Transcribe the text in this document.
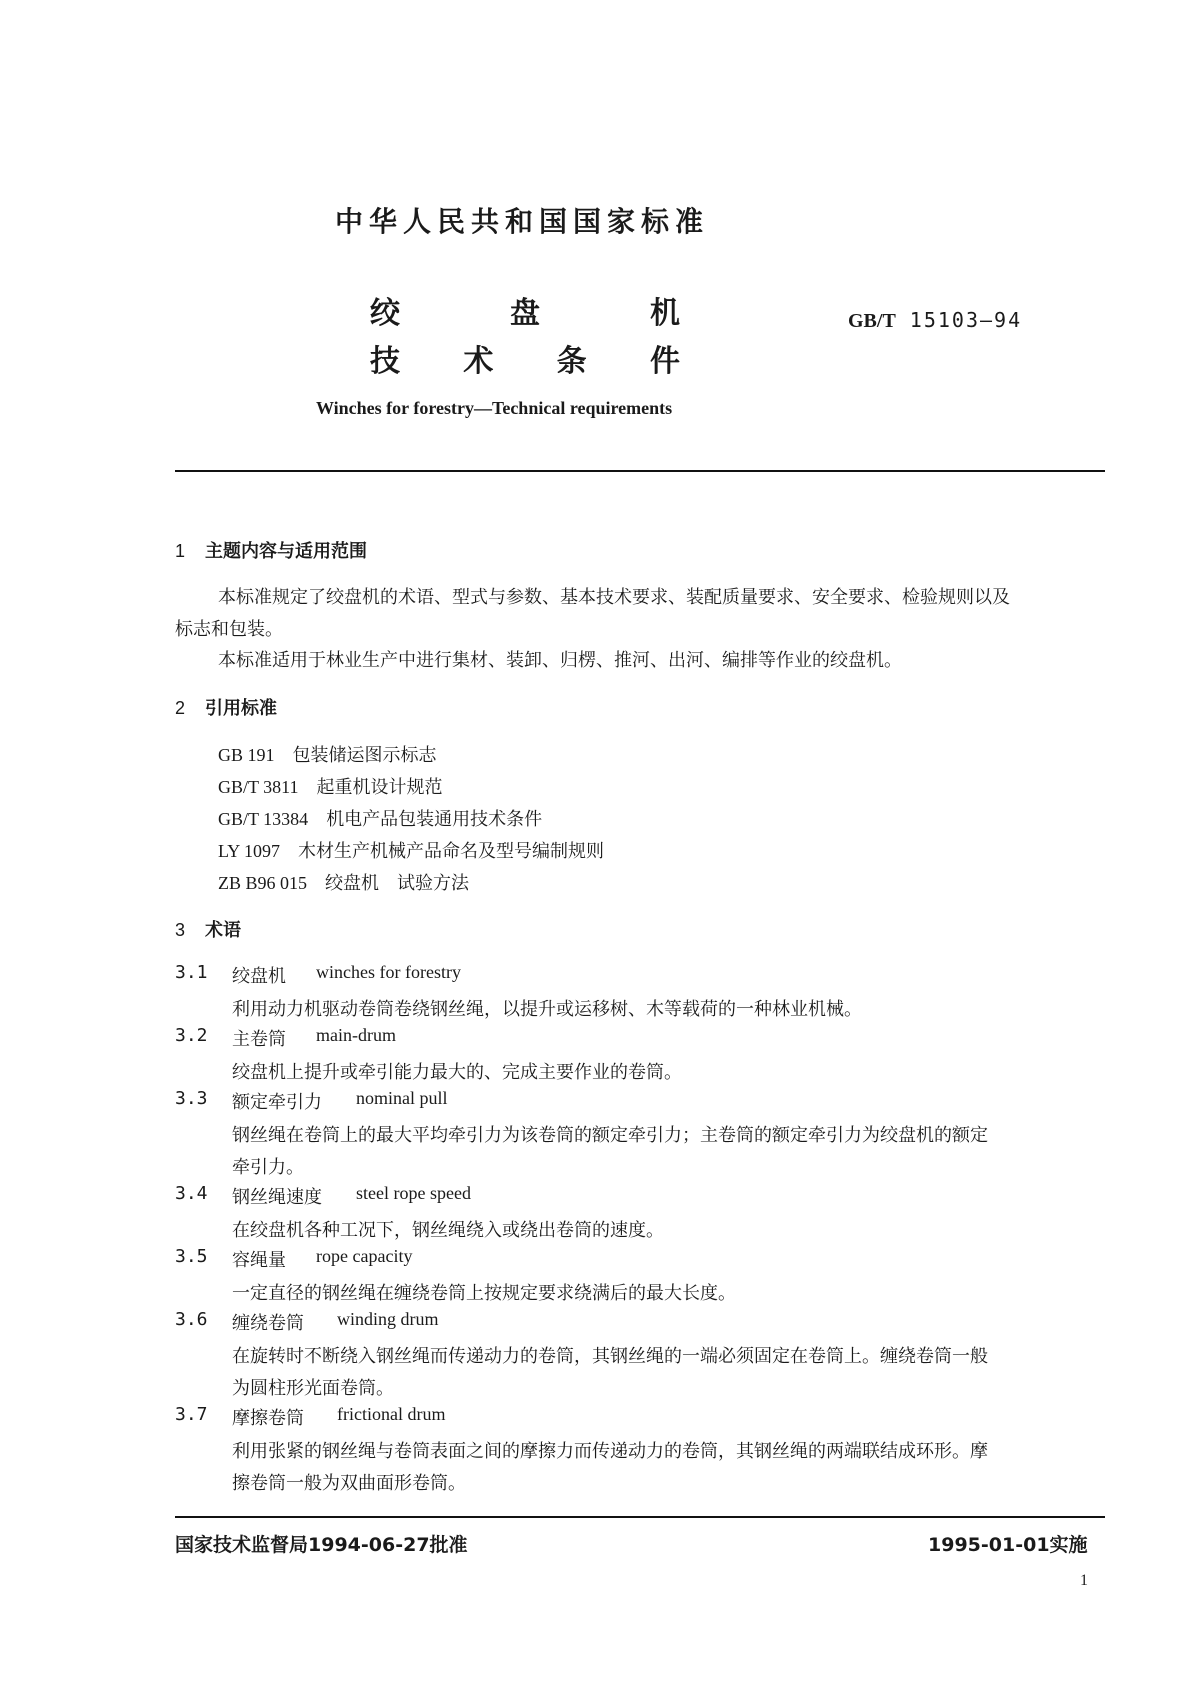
中华人民共和国国家标准
绞	盘	机
技 术 条 件
GB/T 15103—94
Winches for forestry—Technical requirements
1 主题内容与适用范围
本标准规定了绞盘机的术语、型式与参数、基本技术要求、装配质量要求、安全要求、检验规则以及
标志和包装。
本标准适用于林业生产中进行集材、装卸、归楞、推河、出河、编排等作业的绞盘机。
2 引用标准
GB 191 包装储运图示标志
GB/T 3811 起重机设计规范
GB/T 13384 机电产品包装通用技术条件
LY 1097 木材生产机械产品命名及型号编制规则
ZB B96 015 绞盘机　试验方法
3 术语
3.1 绞盘机 winches for forestry
利用动力机驱动卷筒卷绕钢丝绳，以提升或运移树、木等载荷的一种林业机械。
3.2 主卷筒 main-drum
绞盘机上提升或牵引能力最大的、完成主要作业的卷筒。
3.3 额定牵引力 nominal pull
钢丝绳在卷筒上的最大平均牵引力为该卷筒的额定牵引力；主卷筒的额定牵引力为绞盘机的额定
牵引力。
3.4 钢丝绳速度 steel rope speed
在绞盘机各种工况下，钢丝绳绕入或绕出卷筒的速度。
3.5 容绳量 rope capacity
一定直径的钢丝绳在缠绕卷筒上按规定要求绕满后的最大长度。
3.6 缠绕卷筒 winding drum
在旋转时不断绕入钢丝绳而传递动力的卷筒，其钢丝绳的一端必须固定在卷筒上。缠绕卷筒一般
为圆柱形光面卷筒。
3.7 摩擦卷筒 frictional drum
利用张紧的钢丝绳与卷筒表面之间的摩擦力而传递动力的卷筒，其钢丝绳的两端联结成环形。摩
擦卷筒一般为双曲面形卷筒。
国家技术监督局1994-06-27批准	1995-01-01实施
1
